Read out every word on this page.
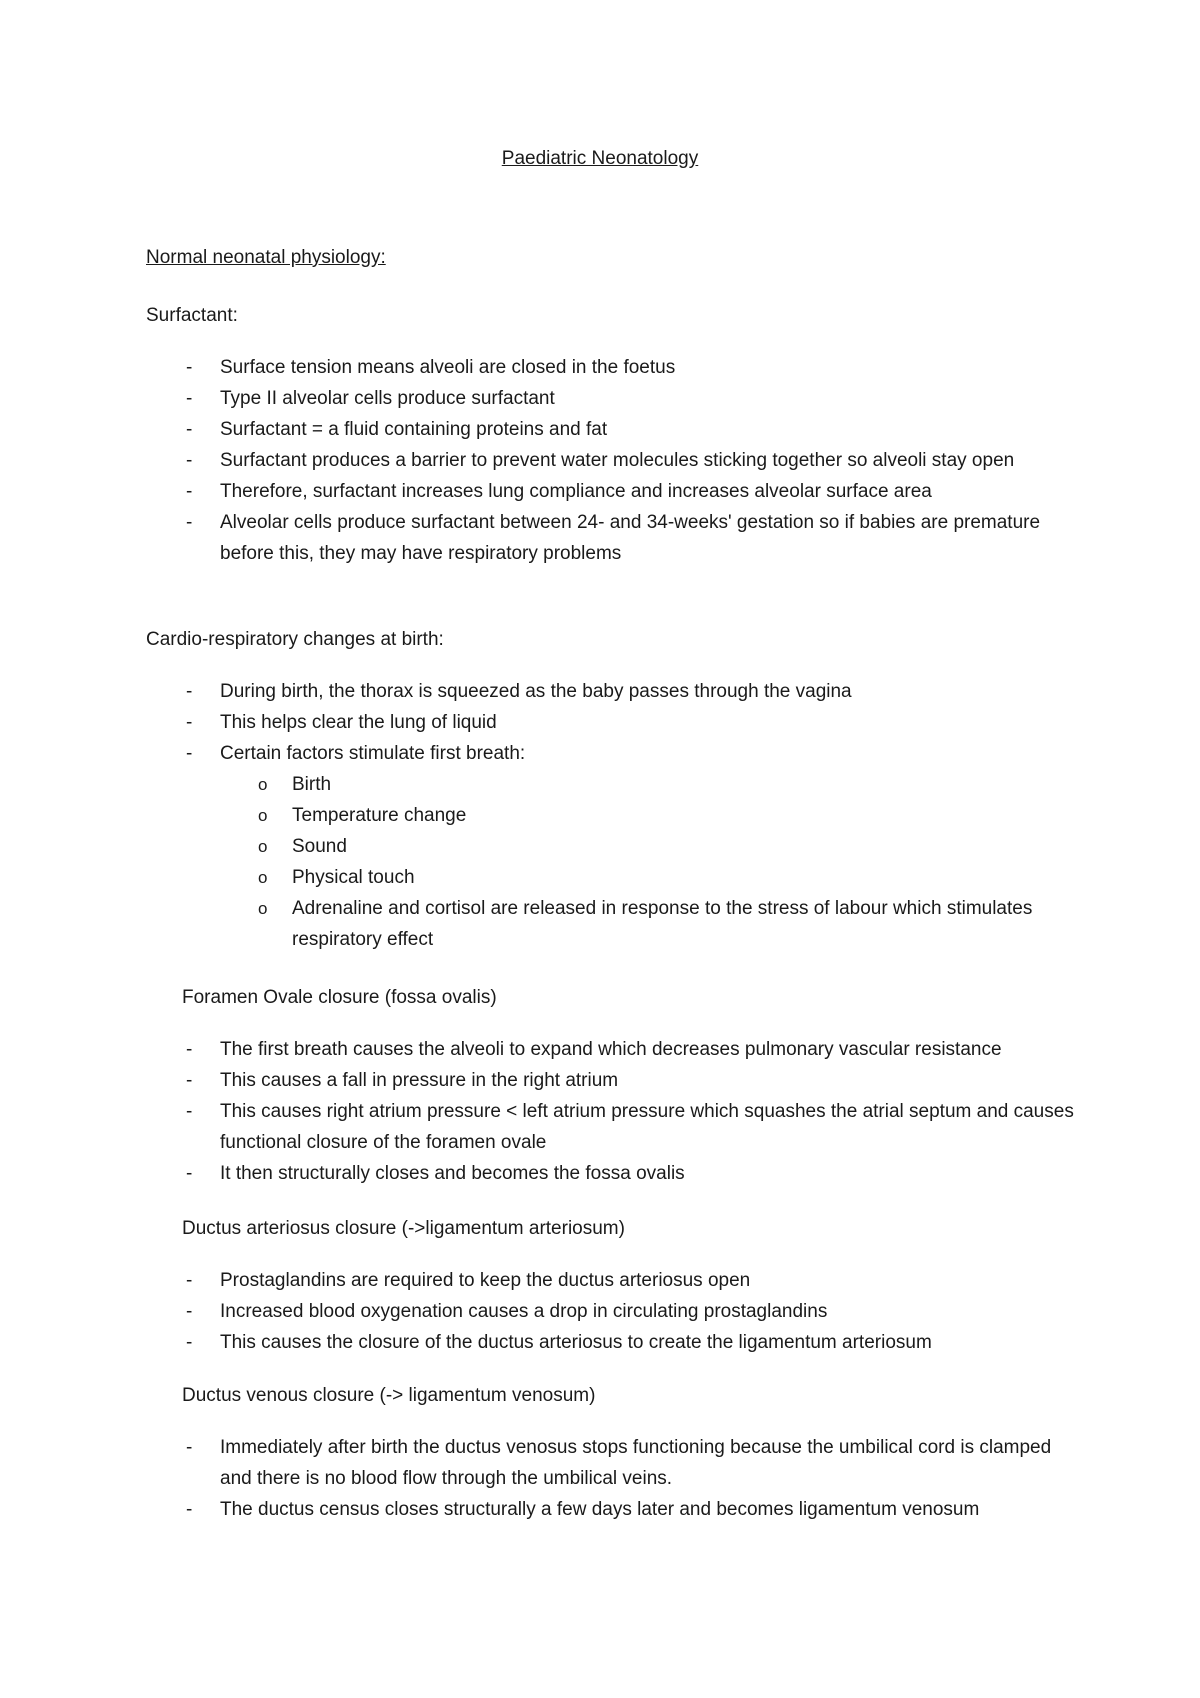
Paediatric Neonatology
Normal neonatal physiology:
Surfactant:
- Surface tension means alveoli are closed in the foetus
- Type II alveolar cells produce surfactant
- Surfactant = a fluid containing proteins and fat
- Surfactant produces a barrier to prevent water molecules sticking together so alveoli stay open
- Therefore, surfactant increases lung compliance and increases alveolar surface area
- Alveolar cells produce surfactant between 24- and 34-weeks' gestation so if babies are premature before this, they may have respiratory problems
Cardio-respiratory changes at birth:
- During birth, the thorax is squeezed as the baby passes through the vagina
- This helps clear the lung of liquid
- Certain factors stimulate first breath:
o Birth
o Temperature change
o Sound
o Physical touch
o Adrenaline and cortisol are released in response to the stress of labour which stimulates respiratory effect
Foramen Ovale closure (fossa ovalis)
- The first breath causes the alveoli to expand which decreases pulmonary vascular resistance
- This causes a fall in pressure in the right atrium
- This causes right atrium pressure < left atrium pressure which squashes the atrial septum and causes functional closure of the foramen ovale
- It then structurally closes and becomes the fossa ovalis
Ductus arteriosus closure (->ligamentum arteriosum)
- Prostaglandins are required to keep the ductus arteriosus open
- Increased blood oxygenation causes a drop in circulating prostaglandins
- This causes the closure of the ductus arteriosus to create the ligamentum arteriosum
Ductus venous closure (-> ligamentum venosum)
- Immediately after birth the ductus venosus stops functioning because the umbilical cord is clamped and there is no blood flow through the umbilical veins.
- The ductus census closes structurally a few days later and becomes ligamentum venosum
